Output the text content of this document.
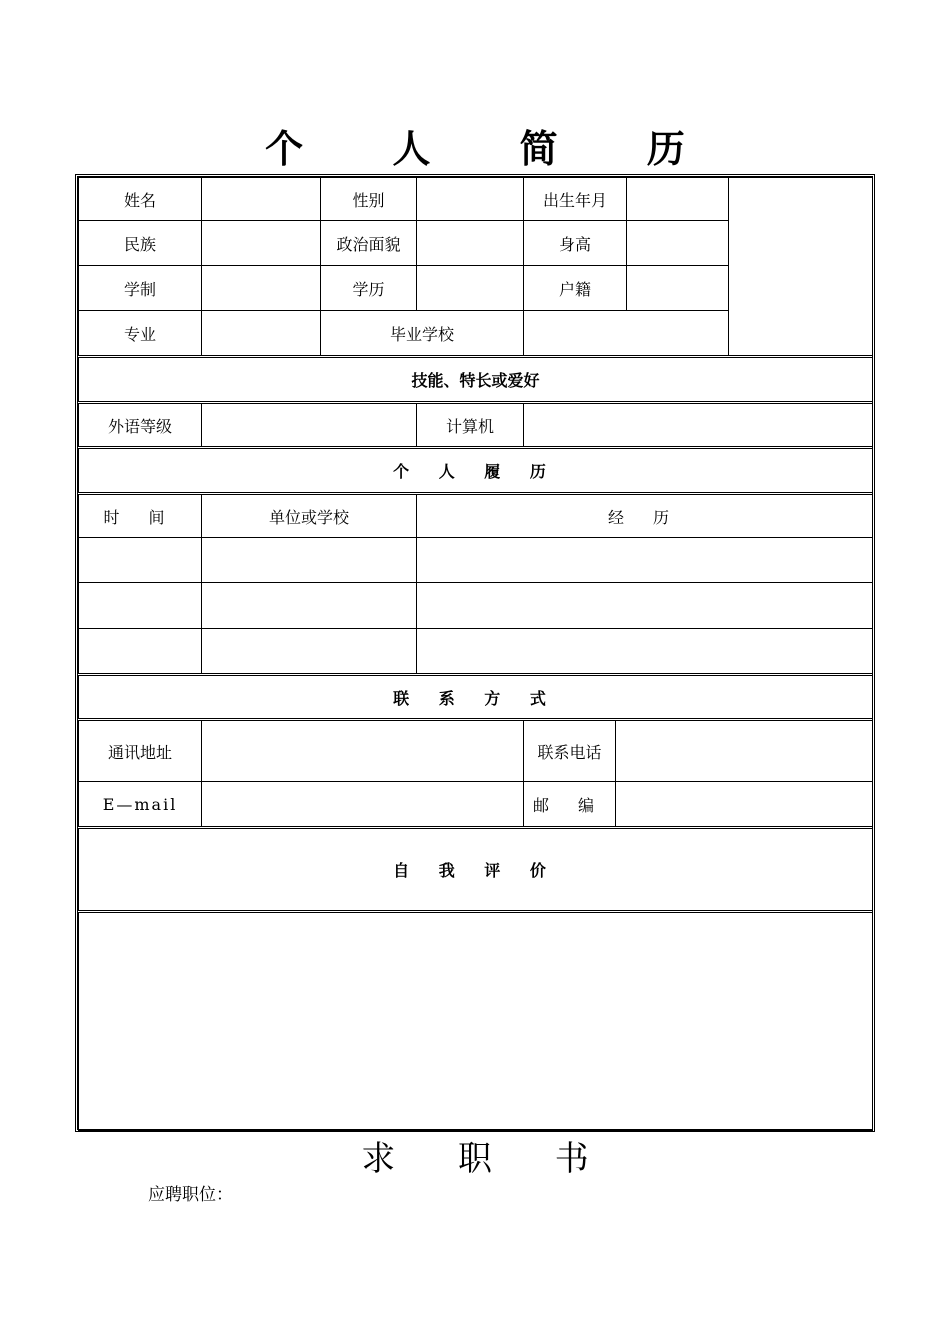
个 人 简 历
姓名		性别		出生年月			
民族		政治面貌		身高			
学制		学历		户籍			
专业		毕业学校					
技能、特长或爱好							
外语等级			计算机				
个 人 履 历							
时 间	单位或学校		经 历				

联 系 方 式							
通讯地址				联系电话			
E—mail				邮 编			
自 我 评 价							

求 职 书
应聘职位：
